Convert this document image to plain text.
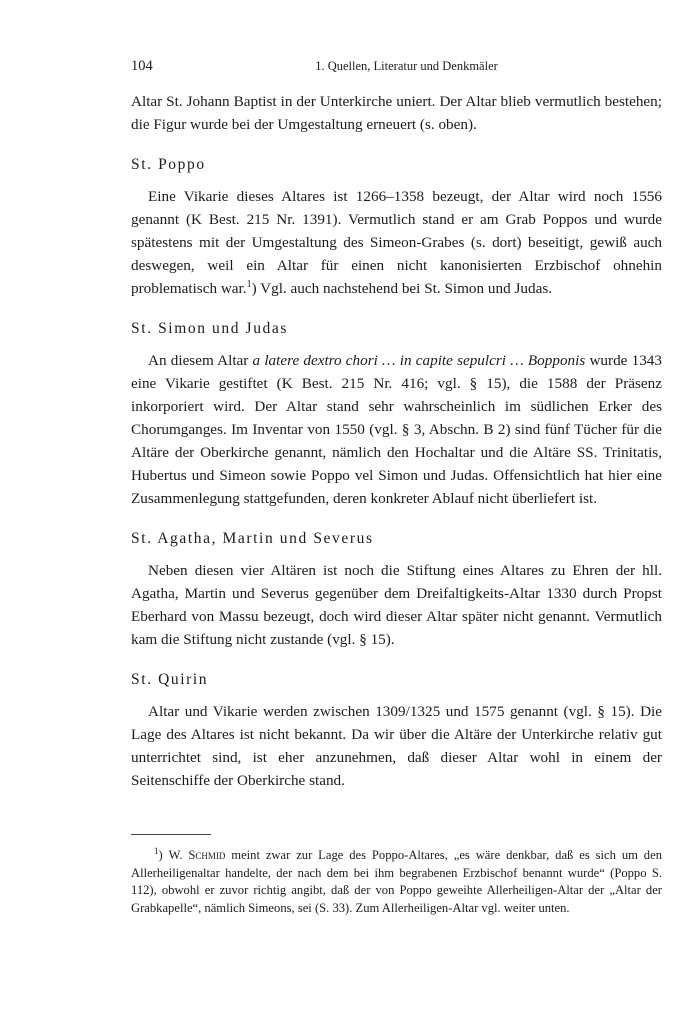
104	1. Quellen, Literatur und Denkmäler

Altar St. Johann Baptist in der Unterkirche uniert. Der Altar blieb vermutlich bestehen; die Figur wurde bei der Umgestaltung erneuert (s. oben).

St. Poppo

Eine Vikarie dieses Altares ist 1266–1358 bezeugt, der Altar wird noch 1556 genannt (K Best. 215 Nr. 1391). Vermutlich stand er am Grab Poppos und wurde spätestens mit der Umgestaltung des Simeon-Grabes (s. dort) beseitigt, gewiß auch deswegen, weil ein Altar für einen nicht kanonisierten Erzbischof ohnehin problematisch war.$^1$) Vgl. auch nachstehend bei St. Simon und Judas.

St. Simon und Judas

An diesem Altar a latere dextro chori … in capite sepulcri … Bopponis wurde 1343 eine Vikarie gestiftet (K Best. 215 Nr. 416; vgl. § 15), die 1588 der Präsenz inkorporiert wird. Der Altar stand sehr wahrscheinlich im südlichen Erker des Chorumganges. Im Inventar von 1550 (vgl. § 3, Abschn. B 2) sind fünf Tücher für die Altäre der Oberkirche genannt, nämlich den Hochaltar und die Altäre SS. Trinitatis, Hubertus und Simeon sowie Poppo vel Simon und Judas. Offensichtlich hat hier eine Zusammenlegung stattgefunden, deren konkreter Ablauf nicht überliefert ist.

St. Agatha, Martin und Severus

Neben diesen vier Altären ist noch die Stiftung eines Altares zu Ehren der hll. Agatha, Martin und Severus gegenüber dem Dreifaltigkeits-Altar 1330 durch Propst Eberhard von Massu bezeugt, doch wird dieser Altar später nicht genannt. Vermutlich kam die Stiftung nicht zustande (vgl. § 15).

St. Quirin

Altar und Vikarie werden zwischen 1309/1325 und 1575 genannt (vgl. § 15). Die Lage des Altares ist nicht bekannt. Da wir über die Altäre der Unterkirche relativ gut unterrichtet sind, ist eher anzunehmen, daß dieser Altar wohl in einem der Seitenschiffe der Oberkirche stand.

$^1$) W. Schmid meint zwar zur Lage des Poppo-Altares, „es wäre denkbar, daß es sich um den Allerheiligenaltar handelte, der nach dem bei ihm begrabenen Erzbischof benannt wurde“ (Poppo S. 112), obwohl er zuvor richtig angibt, daß der von Poppo geweihte Allerheiligen-Altar der „Altar der Grabkapelle“, nämlich Simeons, sei (S. 33). Zum Allerheiligen-Altar vgl. weiter unten.
